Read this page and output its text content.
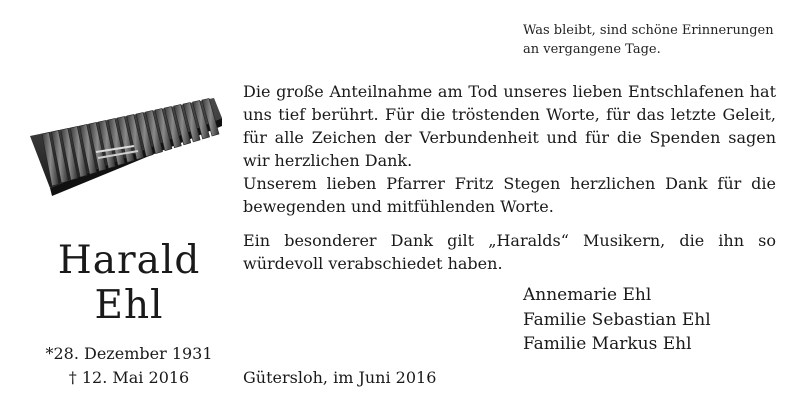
Was bleibt, sind schöne Erinnerungen
an vergangene Tage.
Harald
Ehl
*28. Dezember 1931
† 12. Mai 2016
Die große Anteilnahme am Tod unseres lieben Entschlafenen hat uns tief berührt. Für die tröstenden Worte, für das letzte Geleit, für alle Zeichen der Verbundenheit und für die Spenden sagen wir herzlichen Dank.
Unserem lieben Pfarrer Fritz Stegen herzlichen Dank für die bewegenden und mitfühlenden Worte.
Ein besonderer Dank gilt „Haralds“ Musikern, die ihn so würdevoll verabschiedet haben.
Annemarie Ehl
Familie Sebastian Ehl
Familie Markus Ehl
Gütersloh, im Juni 2016
